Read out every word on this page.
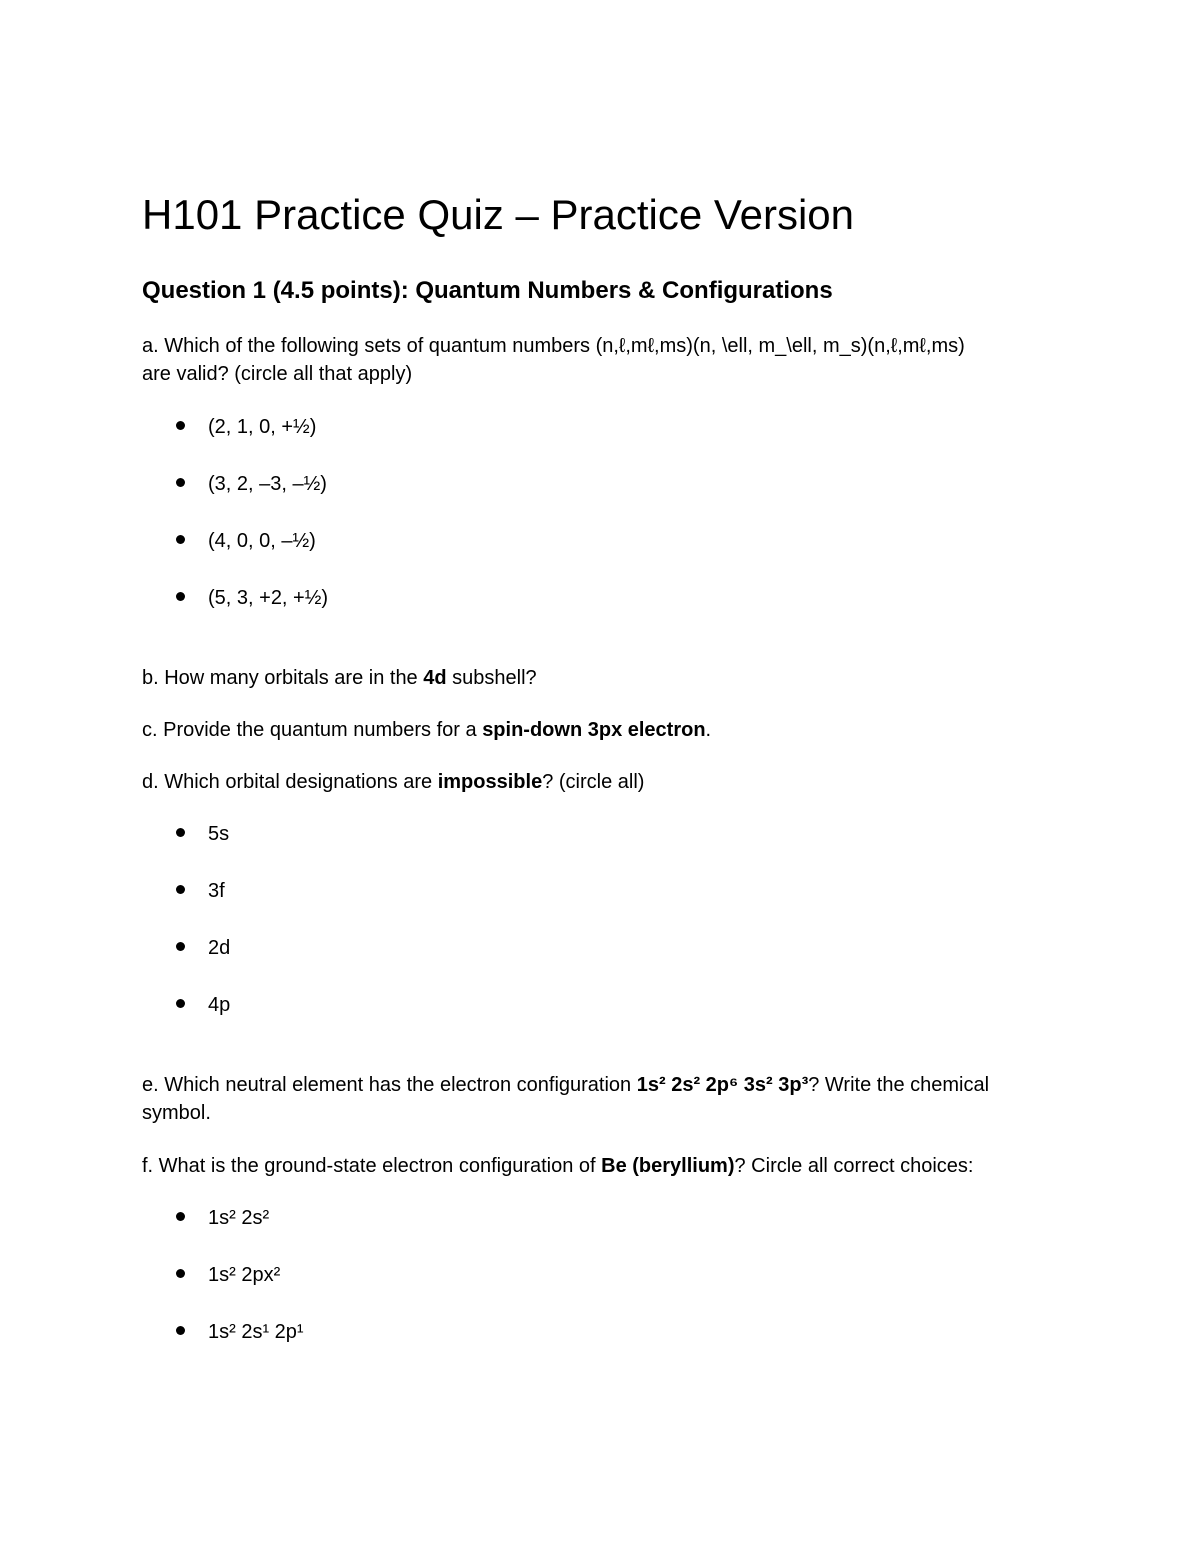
H101 Practice Quiz – Practice Version
Question 1 (4.5 points): Quantum Numbers & Configurations
a. Which of the following sets of quantum numbers (n,ℓ,mℓ,ms)(n, \ell, m_\ell, m_s)(n,ℓ,mℓ,ms)
are valid? (circle all that apply)
(2, 1, 0, +½)
(3, 2, –3, –½)
(4, 0, 0, –½)
(5, 3, +2, +½)
b. How many orbitals are in the 4d subshell?
c. Provide the quantum numbers for a spin-down 3px electron.
d. Which orbital designations are impossible? (circle all)
5s
3f
2d
4p
e. Which neutral element has the electron configuration 1s² 2s² 2p⁶ 3s² 3p³? Write the chemical
symbol.
f. What is the ground-state electron configuration of Be (beryllium)? Circle all correct choices:
1s² 2s²
1s² 2px²
1s² 2s¹ 2p¹
